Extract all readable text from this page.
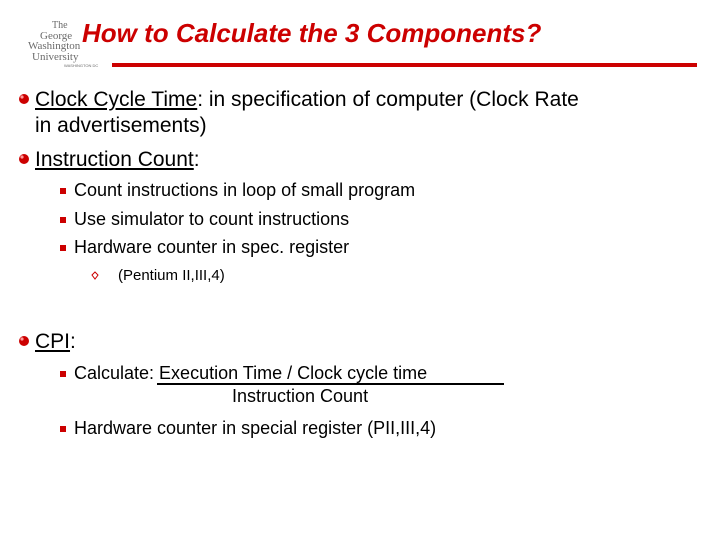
The
George
Washington
University
WASHINGTON DC
How to Calculate the 3 Components?
Clock Cycle Time: in specification of computer (Clock Rate
in advertisements)
Instruction Count:
Count instructions in loop of small program
Use simulator to count instructions
Hardware counter in spec. register
(Pentium II,III,4)
CPI:
Calculate: Execution Time / Clock cycle time
Instruction Count
Hardware counter in special register (PII,III,4)
